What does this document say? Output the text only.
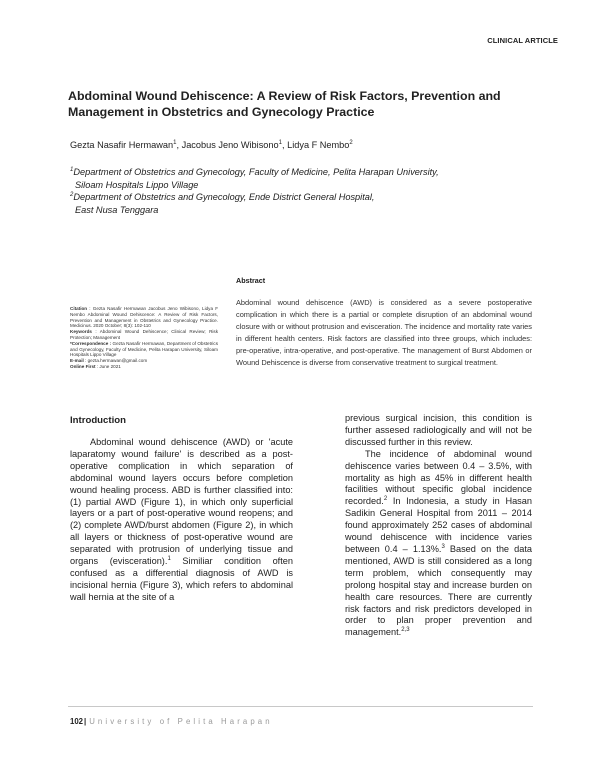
CLINICAL ARTICLE
Abdominal Wound Dehiscence: A Review of Risk Factors, Prevention and Management in Obstetrics and Gynecology Practice
Gezta Nasafir Hermawan$^1$, Jacobus Jeno Wibisono$^1$, Lidya F Nembo$^2$
$^1$Department of Obstetrics and Gynecology, Faculty of Medicine, Pelita Harapan University,
Siloam Hospitals Lippo Village
$^2$Department of Obstetrics and Gynecology, Ende District General Hospital,
East Nusa Tenggara
Abstract
Abdominal wound dehiscence (AWD) is considered as a severe postoperative complication in which there is a partial or complete disruption of an abdominal wound closure with or without protrusion and evisceration. The incidence and mortality rate varies in different health centers. Risk factors are classified into three groups, which includes: pre-operative, intra-operative, and post-operative. The management of Burst Abdomen or Wound Dehiscence is diverse from conservative treatment to surgical treatment.
Citation : Gezta Nasafir Hermawan Jacobus Jeno Wibisono, Lidya F Nembo Abdominal Wound Dehiscence: A Review of Risk Factors, Prevention and Management in Obstetrics and Gynecology Practice. Medicinus. 2020 October; 8(3): 102-110
Keywords : Abdominal Wound Dehiscence; Clinical Review; Risk Protection; Management
*Correspondence : Gezta Nasafir Hermawan, Department of Obstetrics and Gynecology, Faculty of Medicine, Pelita Harapan University, Siloam Hospitals Lippo Village
E-mail : gezta.hermawan@gmail.com
Online First : June 2021
Introduction

Abdominal wound dehiscence (AWD) or 'acute laparatomy wound failure' is described as a post-operative complication in which separation of abdominal wound layers occurs before completion wound healing process. ABD is further classified into: (1) partial AWD (Figure 1), in which only superficial layers or a part of post-operative wound reopens; and (2) complete AWD/burst abdomen (Figure 2), in which all layers or thickness of post-operative wound are separated with protrusion of underlying tissue and organs (evisceration).$^1$ Similiar condition often confused as a differential diagnosis of AWD is incisional hernia (Figure 3), which refers to abdominal wall hernia at the site of a

previous surgical incision, this condition is further assesed radiologically and will not be discussed further in this review.

The incidence of abdominal wound dehiscence varies between 0.4 – 3.5%, with mortality as high as 45% in different health facilities without specific global incidence recorded.$^2$ In Indonesia, a study in Hasan Sadikin General Hospital from 2011 – 2014 found approximately 252 cases of abdominal wound dehiscence with incidence varies between 0.4 – 1.13%.$^3$ Based on the data mentioned, AWD is still considered as a long term problem, which consequently may prolong hospital stay and increase burden on health care resources. There are currently risk factors and risk predictors developed in order to plan proper prevention and management.$^{2,3}$

102| University of Pelita Harapan
